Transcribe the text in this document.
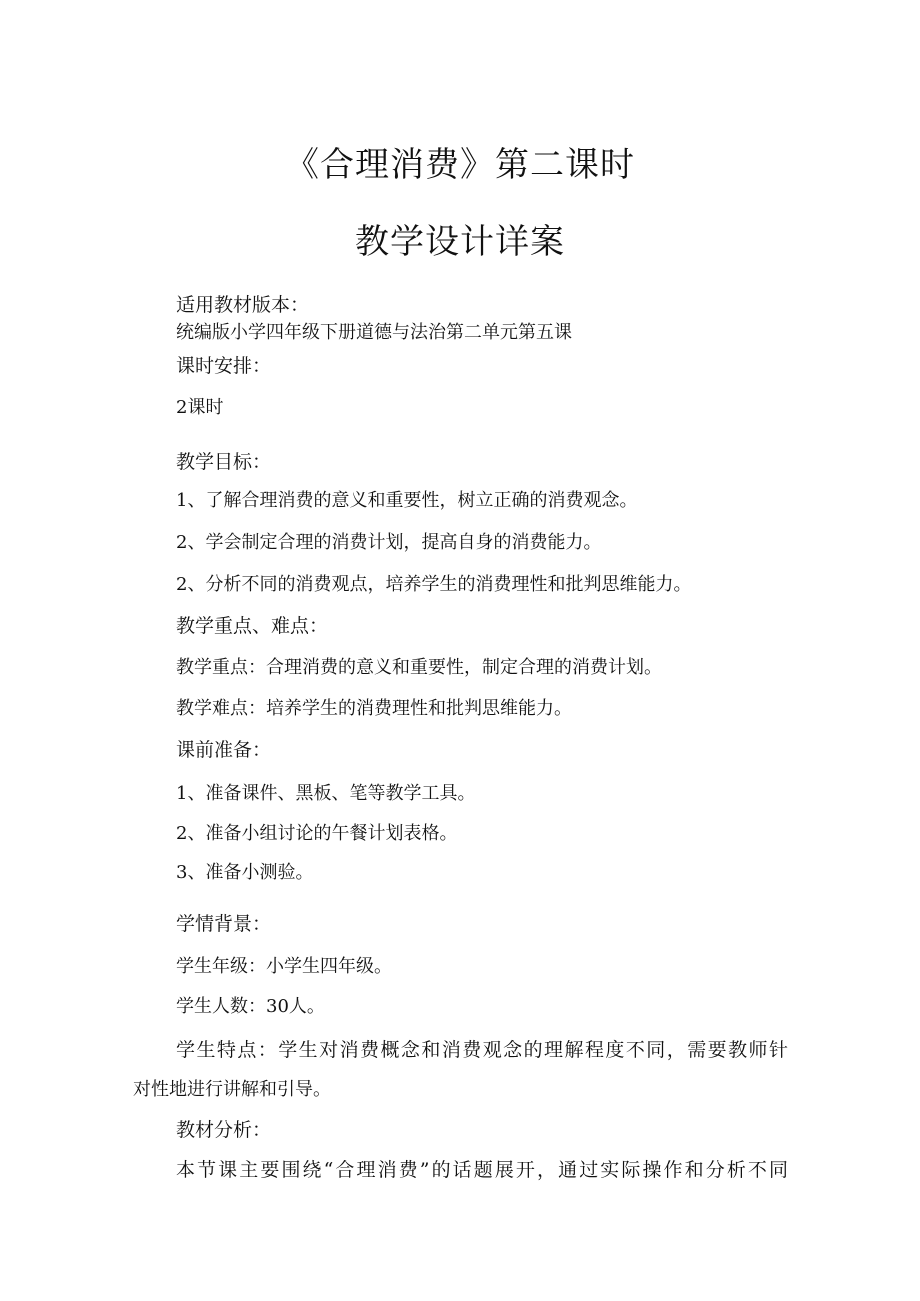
《合理消费》第二课时
教学设计详案
适用教材版本：
统编版小学四年级下册道德与法治第二单元第五课
课时安排：
2课时
教学目标：
1、了解合理消费的意义和重要性，树立正确的消费观念。
2、学会制定合理的消费计划，提高自身的消费能力。
2、分析不同的消费观点，培养学生的消费理性和批判思维能力。
教学重点、难点：
教学重点：合理消费的意义和重要性，制定合理的消费计划。
教学难点：培养学生的消费理性和批判思维能力。
课前准备：
1、准备课件、黑板、笔等教学工具。
2、准备小组讨论的午餐计划表格。
3、准备小测验。
学情背景：
学生年级：小学生四年级。
学生人数：30人。
学生特点：学生对消费概念和消费观念的理解程度不同，需要教师针
对性地进行讲解和引导。
教材分析：
本节课主要围绕“合理消费”的话题展开，通过实际操作和分析不同
